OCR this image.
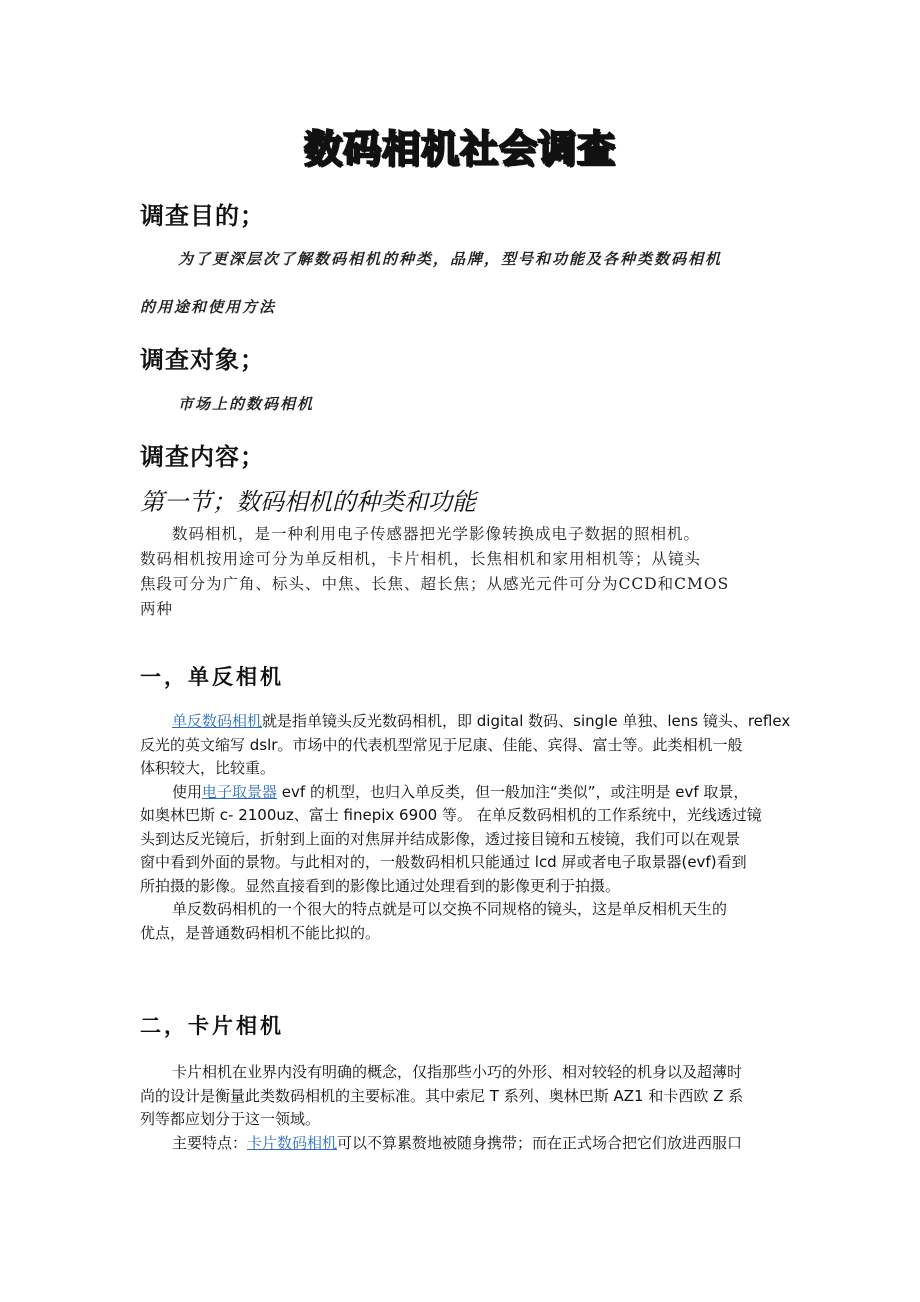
数码相机社会调查
调查目的；
为了更深层次了解数码相机的种类，品牌，型号和功能及各种类数码相机
的用途和使用方法
调查对象；
市场上的数码相机
调查内容；
第一节；数码相机的种类和功能
数码相机，是一种利用电子传感器把光学影像转换成电子数据的照相机。
数码相机按用途可分为单反相机，卡片相机，长焦相机和家用相机等；从镜头
焦段可分为广角、标头、中焦、长焦、超长焦；从感光元件可分为CCD和CMOS
两种
一，单反相机
单反数码相机就是指单镜头反光数码相机，即 digital 数码、single 单独、lens 镜头、reflex
反光的英文缩写 dslr。市场中的代表机型常见于尼康、佳能、宾得、富士等。此类相机一般
体积较大，比较重。
使用电子取景器 evf 的机型，也归入单反类，但一般加注“类似”，或注明是 evf 取景，
如奥林巴斯 c- 2100uz、富士 finepix 6900 等。 在单反数码相机的工作系统中，光线透过镜
头到达反光镜后，折射到上面的对焦屏并结成影像，透过接目镜和五棱镜，我们可以在观景
窗中看到外面的景物。与此相对的，一般数码相机只能通过 lcd 屏或者电子取景器(evf)看到
所拍摄的影像。显然直接看到的影像比通过处理看到的影像更利于拍摄。
单反数码相机的一个很大的特点就是可以交换不同规格的镜头，这是单反相机天生的
优点，是普通数码相机不能比拟的。
二，卡片相机
卡片相机在业界内没有明确的概念，仅指那些小巧的外形、相对较轻的机身以及超薄时
尚的设计是衡量此类数码相机的主要标准。其中索尼 T 系列、奥林巴斯 AZ1 和卡西欧 Z 系
列等都应划分于这一领域。
主要特点：卡片数码相机可以不算累赘地被随身携带；而在正式场合把它们放进西服口
